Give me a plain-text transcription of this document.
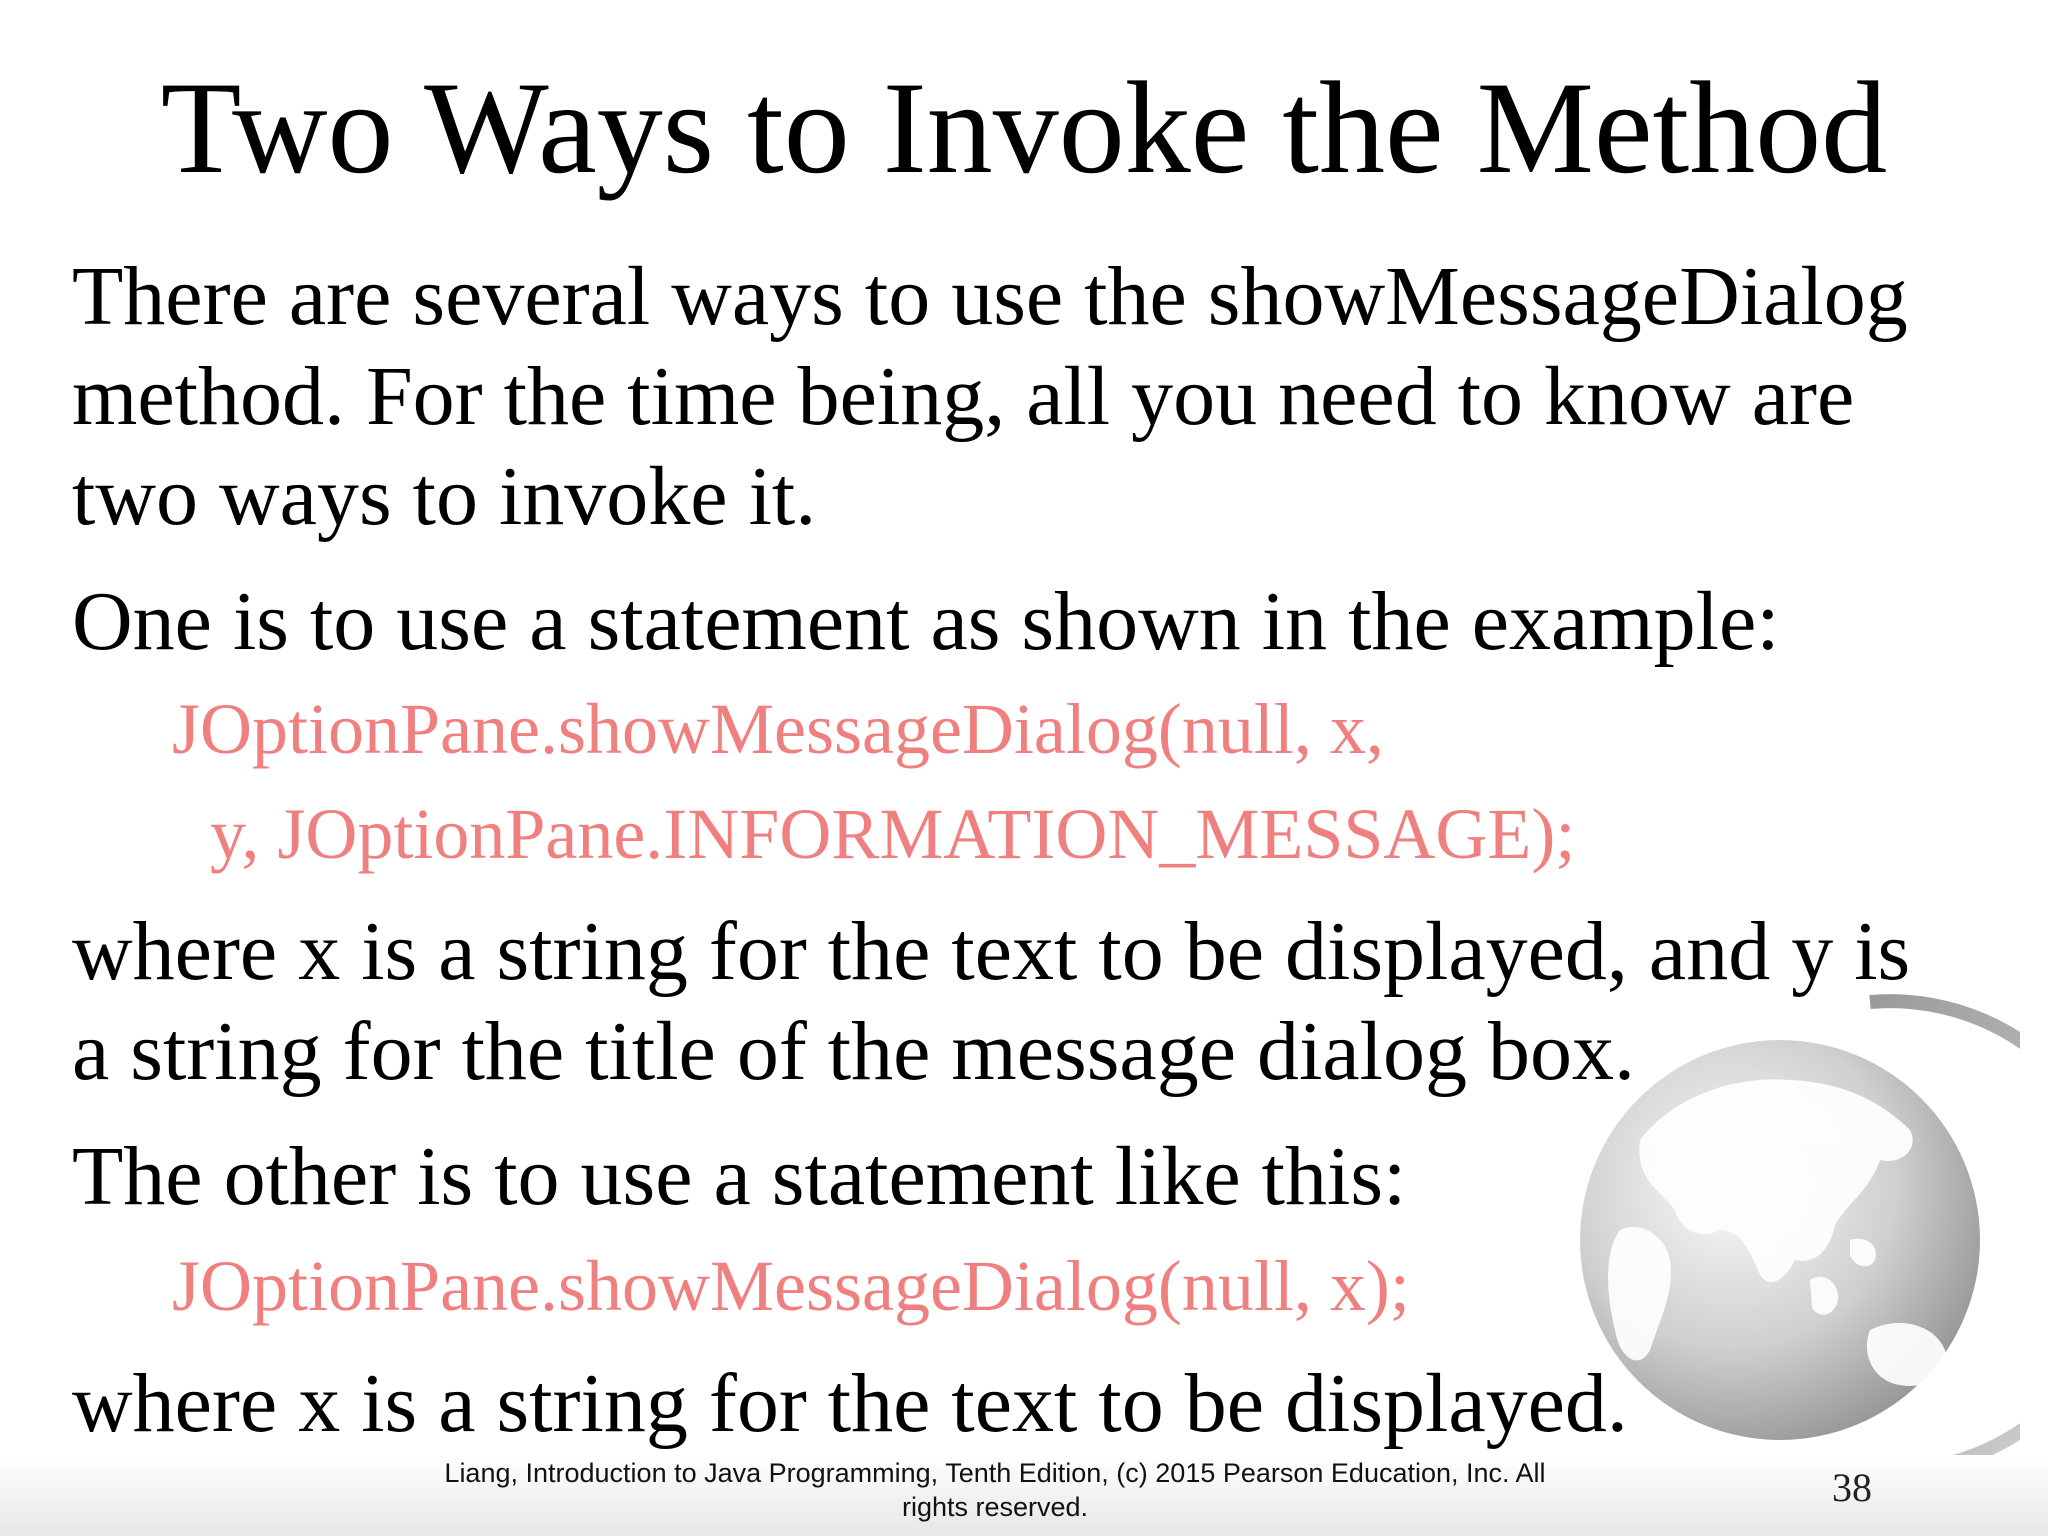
Two Ways to Invoke the Method
There are several ways to use the showMessageDialog
method. For the time being, all you need to know are
two ways to invoke it.
One is to use a statement as shown in the example:
JOptionPane.showMessageDialog(null, x,
y, JOptionPane.INFORMATION_MESSAGE);
where x is a string for the text to be displayed, and y is
a string for the title of the message dialog box.
The other is to use a statement like this:
JOptionPane.showMessageDialog(null, x);
where x is a string for the text to be displayed.
Liang, Introduction to Java Programming, Tenth Edition, (c) 2015 Pearson Education, Inc. All
rights reserved.	38
